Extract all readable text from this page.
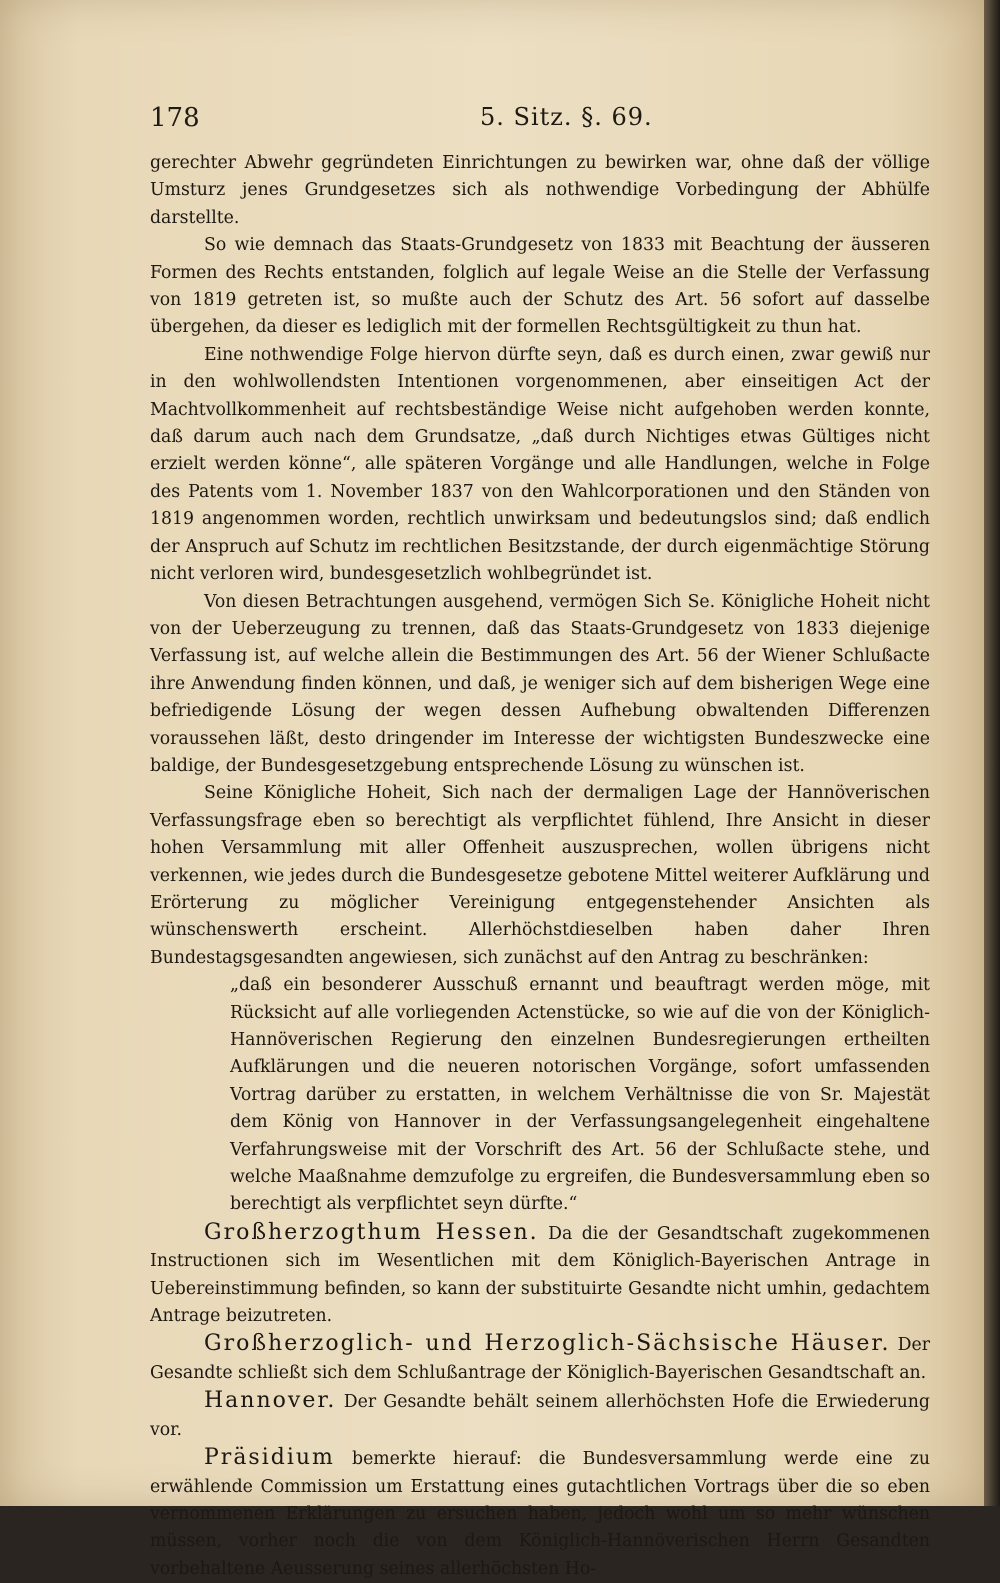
178	5. Sitz. §. 69.

gerechter Abwehr gegründeten Einrichtungen zu bewirken war, ohne daß der völlige Umsturz jenes Grundgesetzes sich als nothwendige Vorbedingung der Abhülfe darstellte.

So wie demnach das Staats-Grundgesetz von 1833 mit Beachtung der äusseren Formen des Rechts entstanden, folglich auf legale Weise an die Stelle der Verfassung von 1819 getreten ist, so mußte auch der Schutz des Art. 56 sofort auf dasselbe übergehen, da dieser es lediglich mit der formellen Rechtsgültigkeit zu thun hat.

Eine nothwendige Folge hiervon dürfte seyn, daß es durch einen, zwar gewiß nur in den wohlwollendsten Intentionen vorgenommenen, aber einseitigen Act der Machtvollkommenheit auf rechtsbeständige Weise nicht aufgehoben werden konnte, daß darum auch nach dem Grundsatze, „daß durch Nichtiges etwas Gültiges nicht erzielt werden könne“, alle späteren Vorgänge und alle Handlungen, welche in Folge des Patents vom 1. November 1837 von den Wahlcorporationen und den Ständen von 1819 angenommen worden, rechtlich unwirksam und bedeutungslos sind; daß endlich der Anspruch auf Schutz im rechtlichen Besitzstande, der durch eigenmächtige Störung nicht verloren wird, bundesgesetzlich wohlbegründet ist.

Von diesen Betrachtungen ausgehend, vermögen Sich Se. Königliche Hoheit nicht von der Ueberzeugung zu trennen, daß das Staats-Grundgesetz von 1833 diejenige Verfassung ist, auf welche allein die Bestimmungen des Art. 56 der Wiener Schlußacte ihre Anwendung finden können, und daß, je weniger sich auf dem bisherigen Wege eine befriedigende Lösung der wegen dessen Aufhebung obwaltenden Differenzen voraussehen läßt, desto dringender im Interesse der wichtigsten Bundeszwecke eine baldige, der Bundesgesetzgebung entsprechende Lösung zu wünschen ist.

Seine Königliche Hoheit, Sich nach der dermaligen Lage der Hannöverischen Verfassungsfrage eben so berechtigt als verpflichtet fühlend, Ihre Ansicht in dieser hohen Versammlung mit aller Offenheit auszusprechen, wollen übrigens nicht verkennen, wie jedes durch die Bundesgesetze gebotene Mittel weiterer Aufklärung und Erörterung zu möglicher Vereinigung entgegenstehender Ansichten als wünschenswerth erscheint. Allerhöchstdieselben haben daher Ihren Bundestagsgesandten angewiesen, sich zunächst auf den Antrag zu beschränken:

„daß ein besonderer Ausschuß ernannt und beauftragt werden möge, mit Rücksicht auf alle vorliegenden Actenstücke, so wie auf die von der Königlich-Hannöverischen Regierung den einzelnen Bundesregierungen ertheilten Aufklärungen und die neueren notorischen Vorgänge, sofort umfassenden Vortrag darüber zu erstatten, in welchem Verhältnisse die von Sr. Majestät dem König von Hannover in der Verfassungsangelegenheit eingehaltene Verfahrungsweise mit der Vorschrift des Art. 56 der Schlußacte stehe, und welche Maaßnahme demzufolge zu ergreifen, die Bundesversammlung eben so berechtigt als verpflichtet seyn dürfte.“

Großherzogthum Hessen. Da die der Gesandtschaft zugekommenen Instructionen sich im Wesentlichen mit dem Königlich-Bayerischen Antrage in Uebereinstimmung befinden, so kann der substituirte Gesandte nicht umhin, gedachtem Antrage beizutreten.

Großherzoglich- und Herzoglich-Sächsische Häuser. Der Gesandte schließt sich dem Schlußantrage der Königlich-Bayerischen Gesandtschaft an.

Hannover. Der Gesandte behält seinem allerhöchsten Hofe die Erwiederung vor.

Präsidium bemerkte hierauf: die Bundesversammlung werde eine zu erwählende Commission um Erstattung eines gutachtlichen Vortrags über die so eben vernommenen Erklärungen zu ersuchen haben, jedoch wohl um so mehr wünschen müssen, vorher noch die von dem Königlich-Hannöverischen Herrn Gesandten vorbehaltene Aeusserung seines allerhöchsten Ho-
